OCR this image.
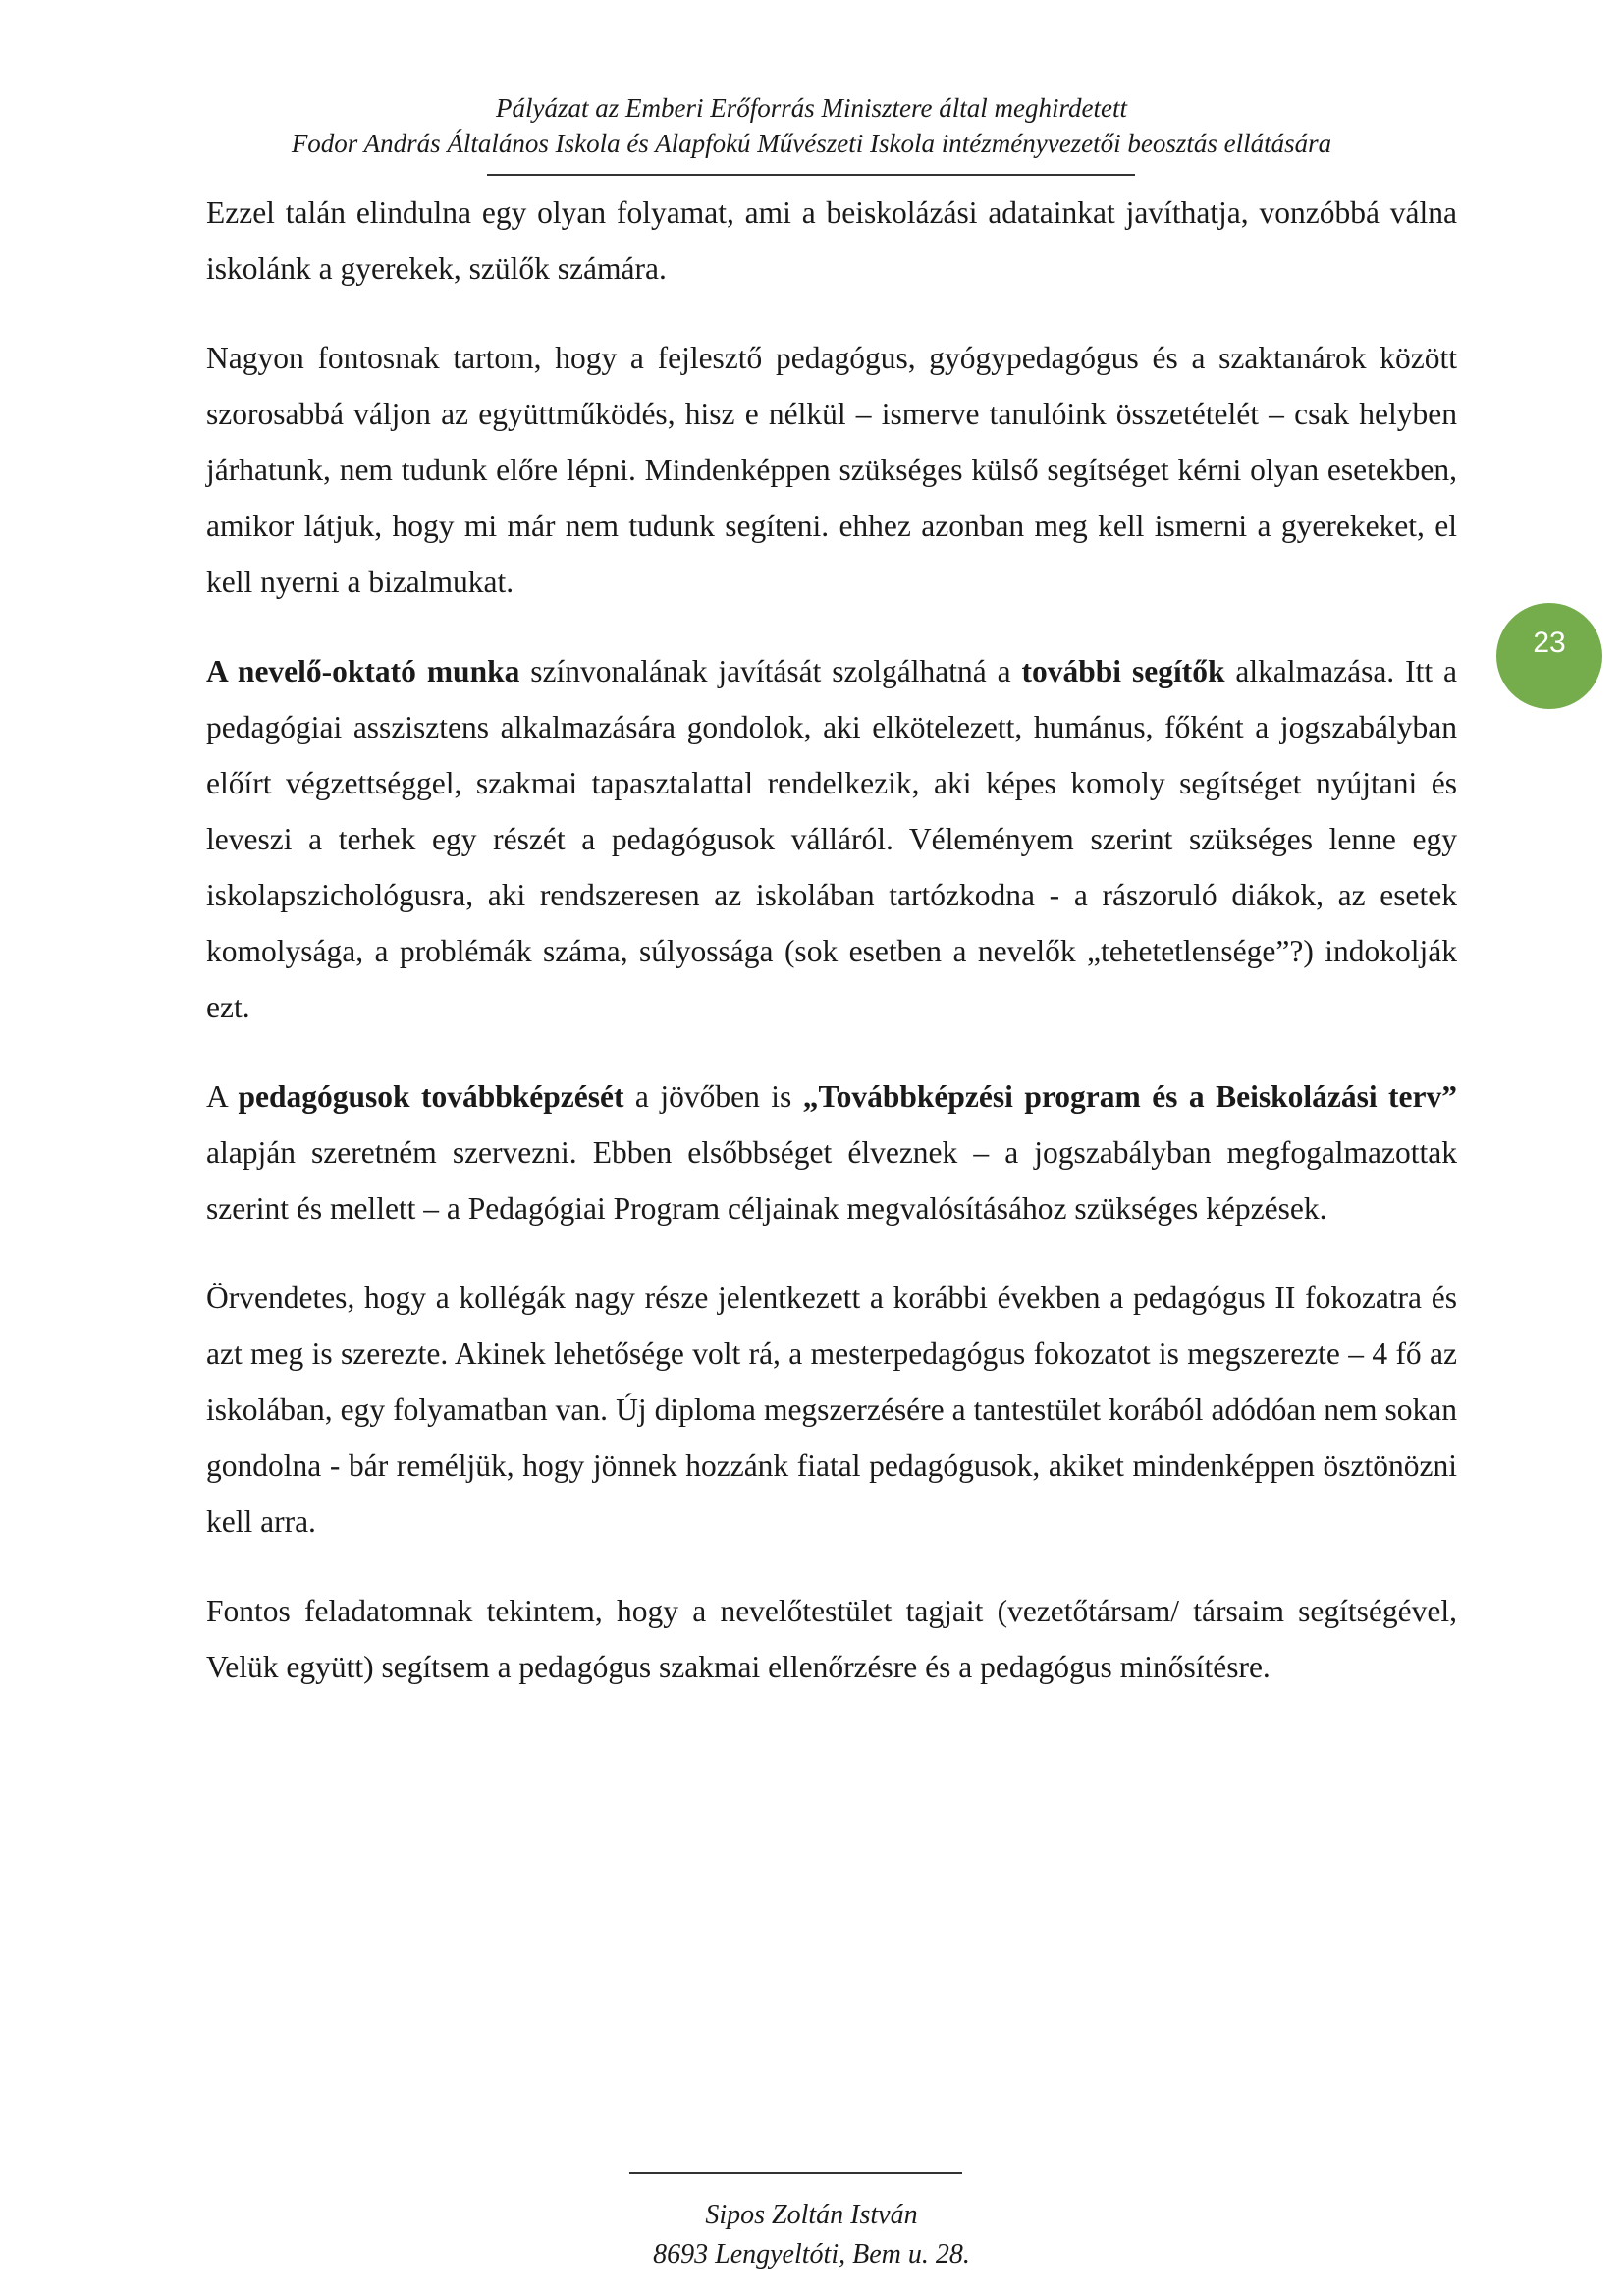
Pályázat az Emberi Erőforrás Minisztere által meghirdetett
Fodor András Általános Iskola és Alapfokú Művészeti Iskola intézményvezetői beosztás ellátására
23

Ezzel talán elindulna egy olyan folyamat, ami a beiskolázási adatainkat javíthatja, vonzóbbá válna iskolánk a gyerekek, szülők számára.

Nagyon fontosnak tartom, hogy a fejlesztő pedagógus, gyógypedagógus és a szaktanárok között szorosabbá váljon az együttműködés, hisz e nélkül – ismerve tanulóink összetételét – csak helyben járhatunk, nem tudunk előre lépni. Mindenképpen szükséges külső segítséget kérni olyan esetekben, amikor látjuk, hogy mi már nem tudunk segíteni. ehhez azonban meg kell ismerni a gyerekeket, el kell nyerni a bizalmukat.

A nevelő-oktató munka színvonalának javítását szolgálhatná a további segítők alkalmazása. Itt a pedagógiai asszisztens alkalmazására gondolok, aki elkötelezett, humánus, főként a jogszabályban előírt végzettséggel, szakmai tapasztalattal rendelkezik, aki képes komoly segítséget nyújtani és leveszi a terhek egy részét a pedagógusok válláról. Véleményem szerint szükséges lenne egy iskolapszichológusra, aki rendszeresen az iskolában tartózkodna - a rászoruló diákok, az esetek komolysága, a problémák száma, súlyossága (sok esetben a nevelők „tehetetlensége”?) indokolják ezt.

A pedagógusok továbbképzését a jövőben is „Továbbképzési program és a Beiskolázási terv” alapján szeretném szervezni. Ebben elsőbbséget élveznek – a jogszabályban megfogalmazottak szerint és mellett – a Pedagógiai Program céljainak megvalósításához szükséges képzések.

Örvendetes, hogy a kollégák nagy része jelentkezett a korábbi években a pedagógus II fokozatra és azt meg is szerezte. Akinek lehetősége volt rá, a mesterpedagógus fokozatot is megszerezte – 4 fő az iskolában, egy folyamatban van. Új diploma megszerzésére a tantestület korából adódóan nem sokan gondolna - bár reméljük, hogy jönnek hozzánk fiatal pedagógusok, akiket mindenképpen ösztönözni kell arra.

Fontos feladatomnak tekintem, hogy a nevelőtestület tagjait (vezetőtársam/ társaim segítségével, Velük együtt) segítsem a pedagógus szakmai ellenőrzésre és a pedagógus minősítésre.

Sipos Zoltán István
8693 Lengyeltóti, Bem u. 28.
